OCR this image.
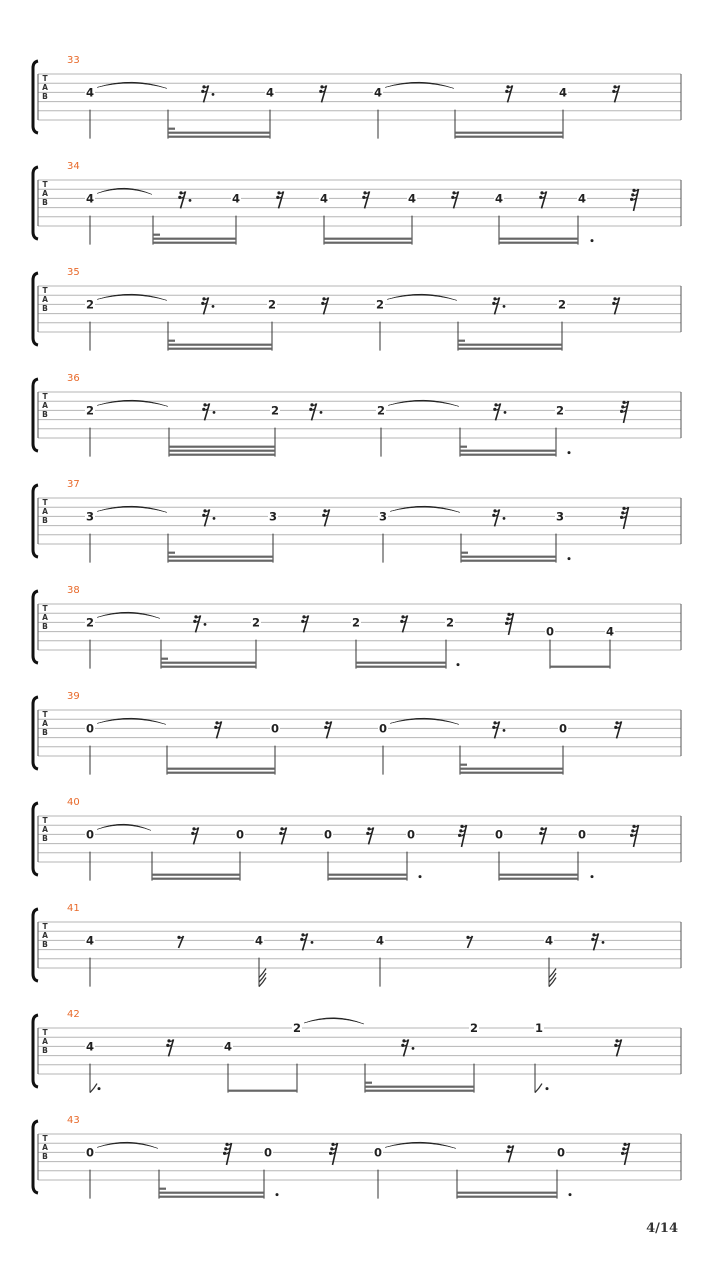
T
A
B
33
4	4	4	4
T
A
B
34
4	4	4	4	4	4
T
A
B
35
2	2	2	2
T
A
B
36
2	2	2	2
T
A
B
37
3	3	3	3
T
A
B
38
2	2	2	2
0	4
T
A
B
39
0	0	0	0
T
A
B
40
0	0	0	0	0	0
T
A
B
41
4	4	4	4
T
A
B
42
4	4
2	2	1
T
A
B
43
0	0	0	0
4/14
